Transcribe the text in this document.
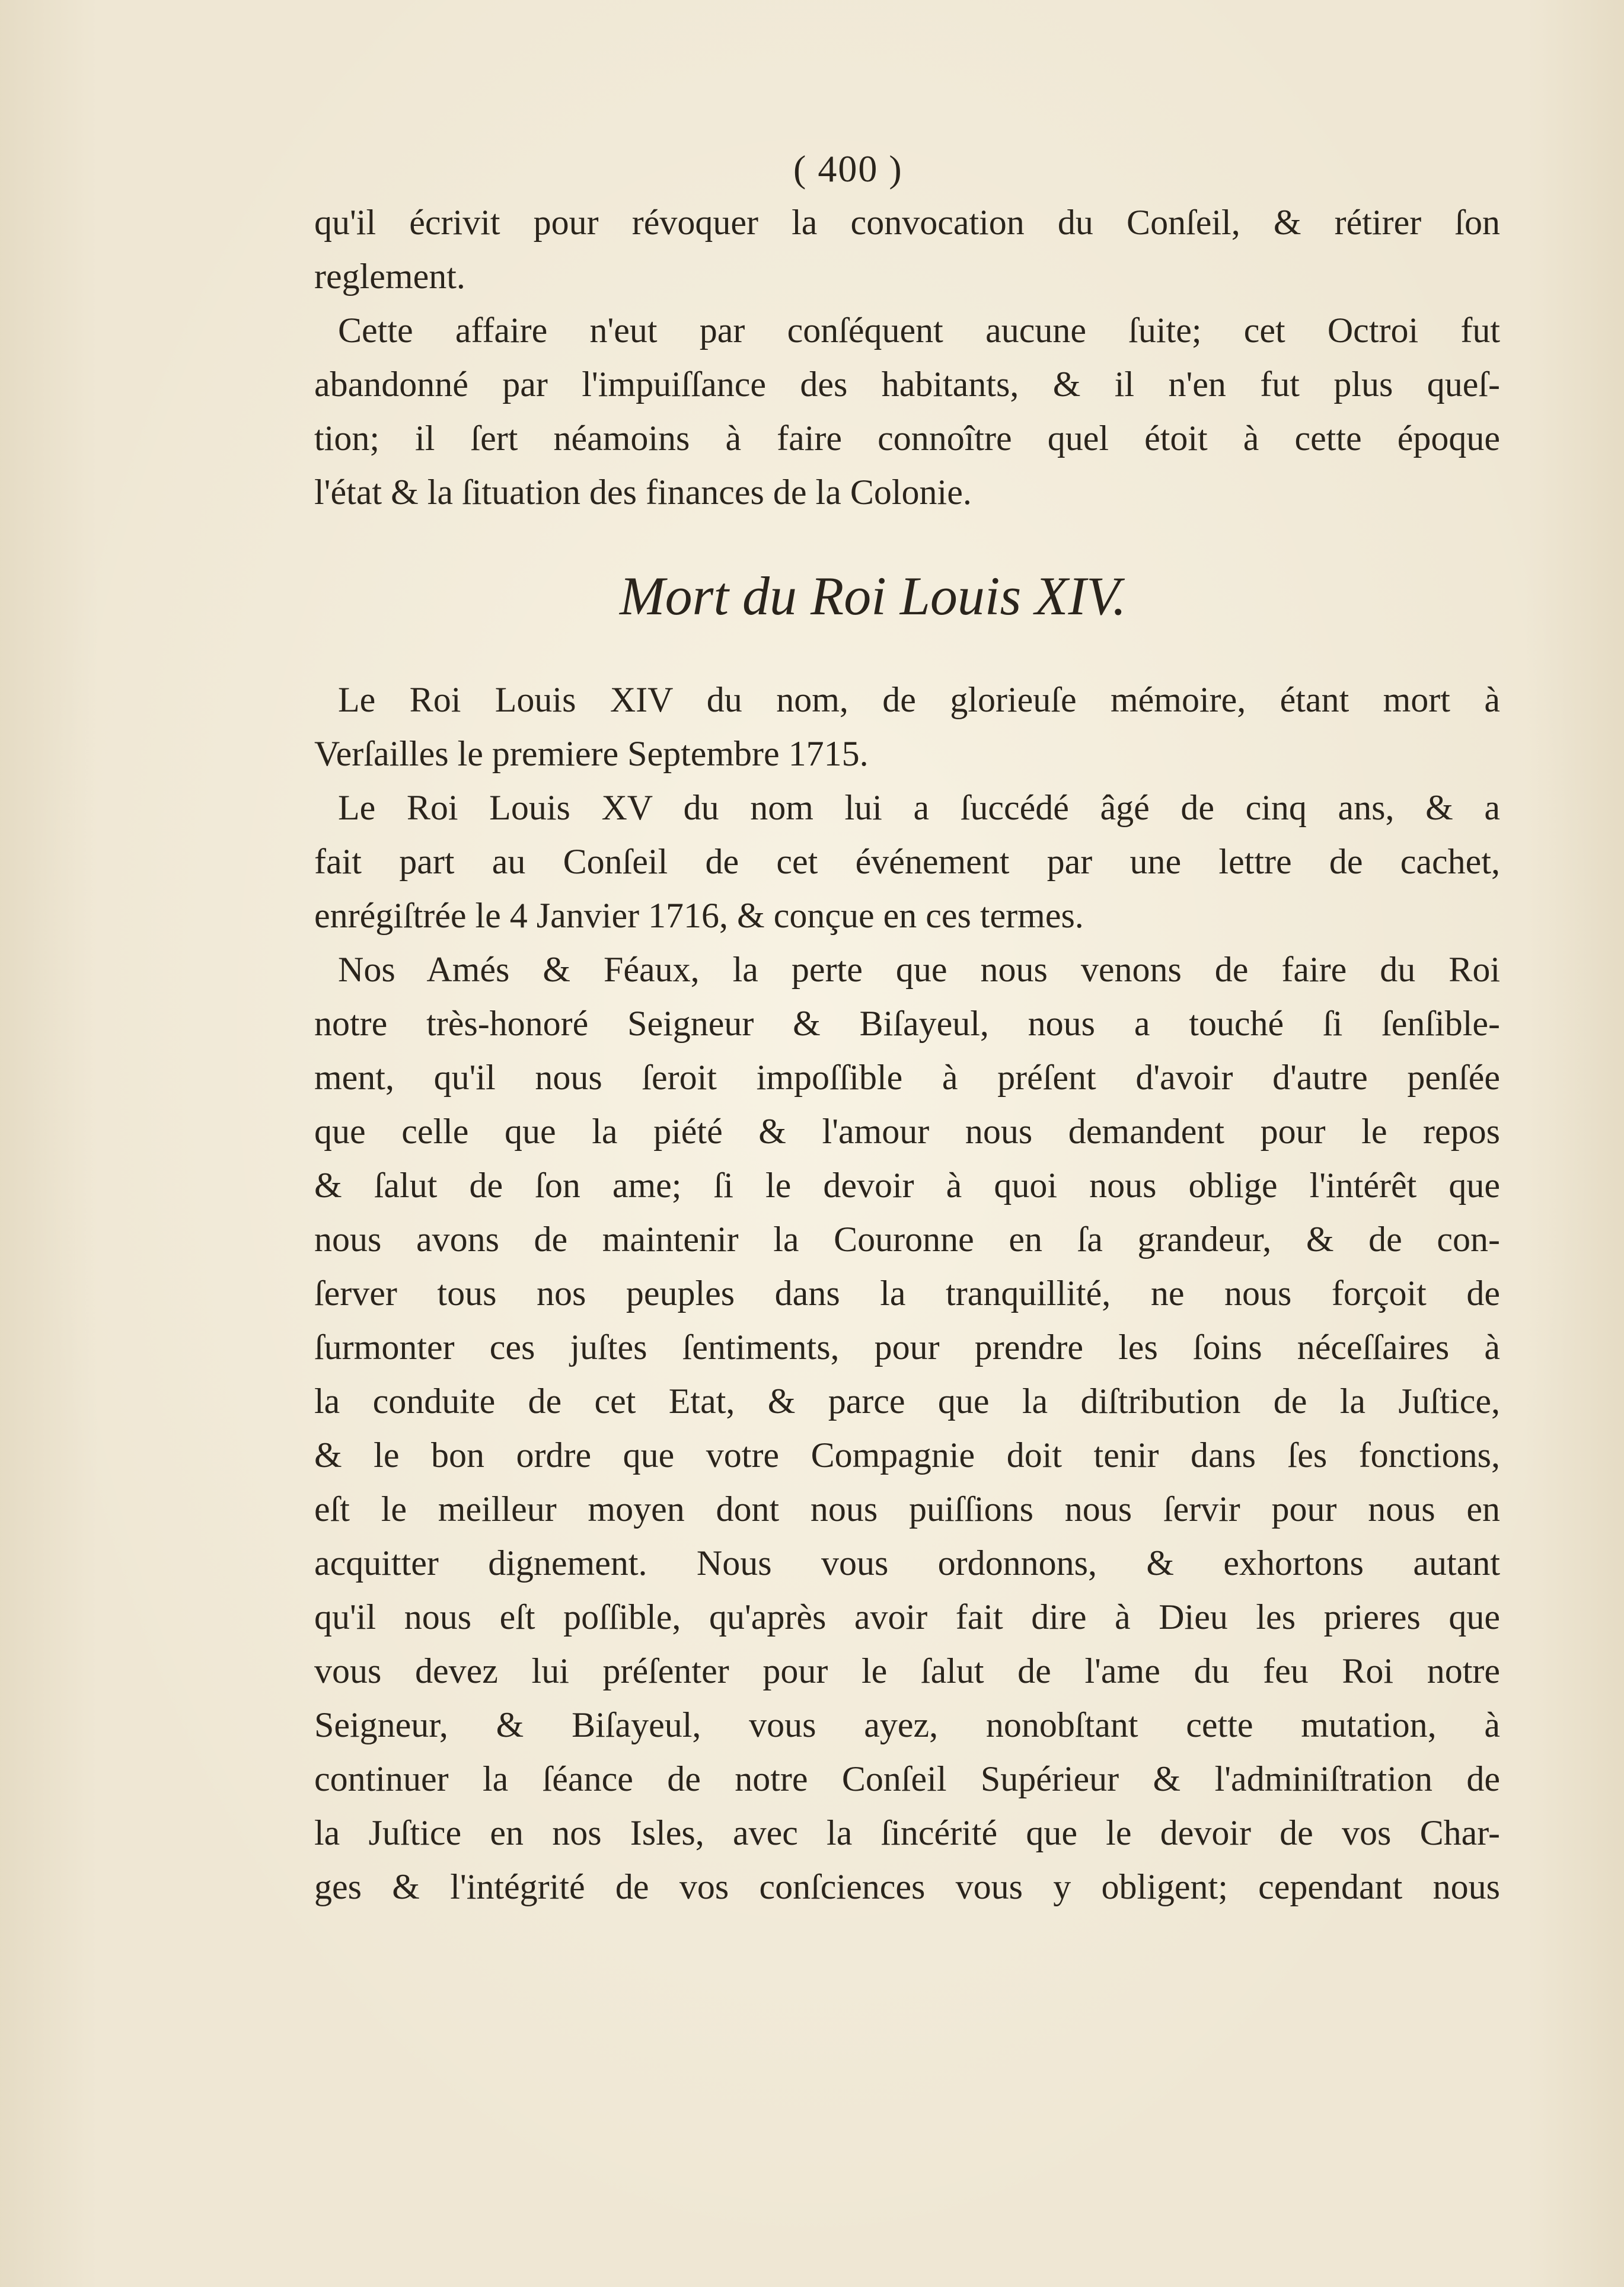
( 400 )
qu'il écrivit pour révoquer la convocation du Conſeil, & rétirer ſon
reglement.
Cette affaire n'eut par conſéquent aucune ſuite; cet Octroi fut
abandonné par l'impuiſſance des habitants, & il n'en fut plus queſ-
tion; il ſert néamoins à faire connoître quel étoit à cette époque
l'état & la ſituation des finances de la Colonie.
Mort du Roi Louis XIV.
Le Roi Louis XIV du nom, de glorieuſe mémoire, étant mort à
Verſailles le premiere Septembre 1715.
Le Roi Louis XV du nom lui a ſuccédé âgé de cinq ans, & a
fait part au Conſeil de cet événement par une lettre de cachet,
enrégiſtrée le 4 Janvier 1716, & conçue en ces termes.
Nos Amés & Féaux, la perte que nous venons de faire du Roi
notre très-honoré Seigneur & Biſayeul, nous a touché ſi ſenſible-
ment, qu'il nous ſeroit impoſſible à préſent d'avoir d'autre penſée
que celle que la piété & l'amour nous demandent pour le repos
& ſalut de ſon ame; ſi le devoir à quoi nous oblige l'intérêt que
nous avons de maintenir la Couronne en ſa grandeur, & de con-
ſerver tous nos peuples dans la tranquillité, ne nous forçoit de
ſurmonter ces juſtes ſentiments, pour prendre les ſoins néceſſaires à
la conduite de cet Etat, & parce que la diſtribution de la Juſtice,
& le bon ordre que votre Compagnie doit tenir dans ſes fonctions,
eſt le meilleur moyen dont nous puiſſions nous ſervir pour nous en
acquitter dignement. Nous vous ordonnons, & exhortons autant
qu'il nous eſt poſſible, qu'après avoir fait dire à Dieu les prieres que
vous devez lui préſenter pour le ſalut de l'ame du feu Roi notre
Seigneur, & Biſayeul, vous ayez, nonobſtant cette mutation, à
continuer la ſéance de notre Conſeil Supérieur & l'adminiſtration de
la Juſtice en nos Isles, avec la ſincérité que le devoir de vos Char-
ges & l'intégrité de vos conſciences vous y obligent; cependant nous
